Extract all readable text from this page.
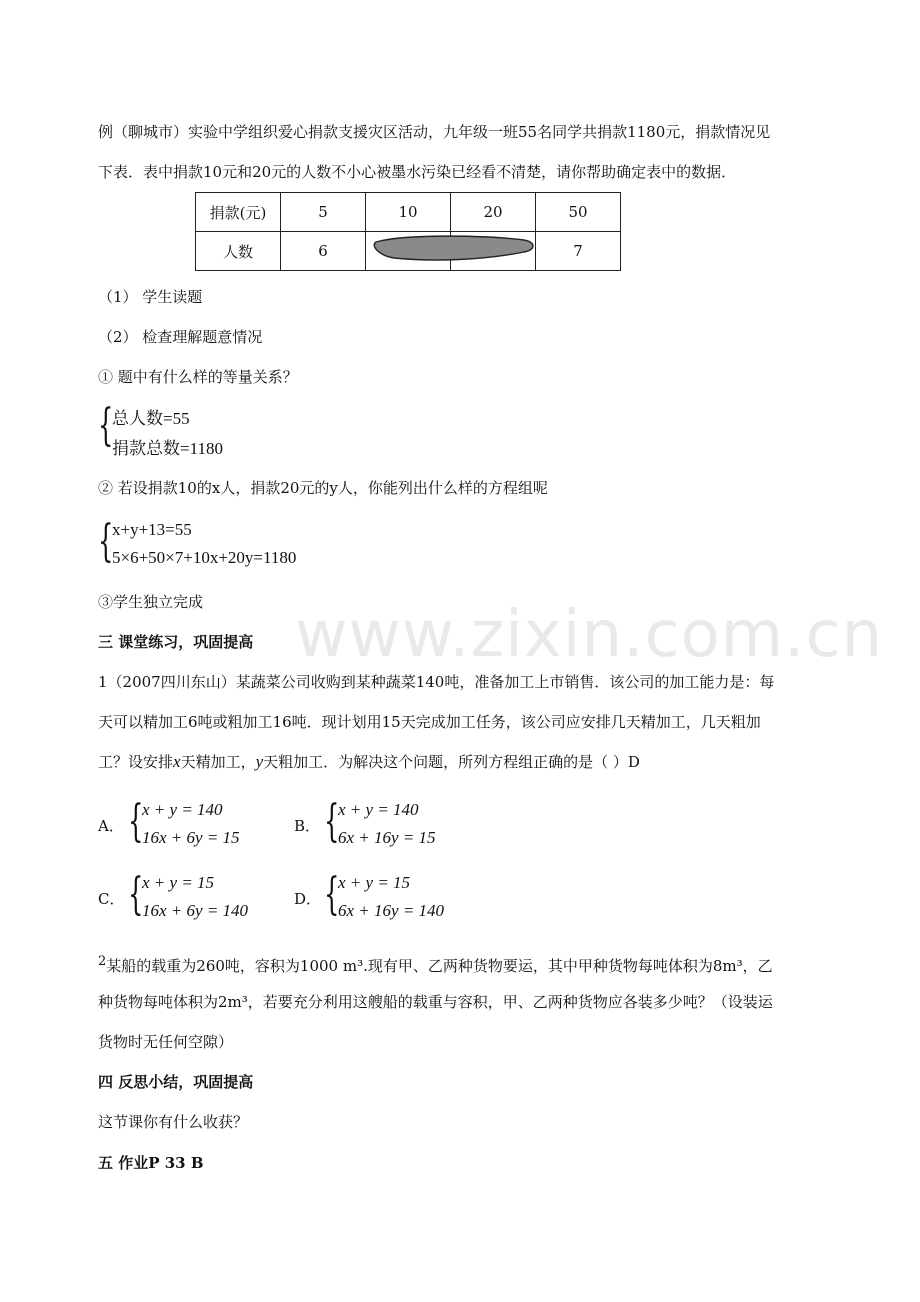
www.zixin.com.cn
例（聊城市）实验中学组织爱心捐款支援灾区活动，九年级一班55名同学共捐款1180元，捐款情况见
下表．表中捐款10元和20元的人数不小心被墨水污染已经看不清楚，请你帮助确定表中的数据．
捐款(元)	5	10	20	50
人数	6			7
（1） 学生读题
（2） 检查理解题意情况
① 题中有什么样的等量关系？
{
总人数=55
捐款总数=1180
② 若设捐款10的x人，捐款20元的y人，你能列出什么样的方程组呢
{
x+y+13=55
5×6+50×7+10x+20y=1180
③学生独立完成
三 课堂练习，巩固提高
1（2007四川东山）某蔬菜公司收购到某种蔬菜140吨，准备加工上市销售．该公司的加工能力是：每
天可以精加工6吨或粗加工16吨．现计划用15天完成加工任务，该公司应安排几天精加工，几天粗加
工？设安排x天精加工，y天粗加工．为解决这个问题，所列方程组正确的是（ ）D
A． {
x + y = 140
16x + 6y = 15
B． {
x + y = 140
6x + 16y = 15
C． {
x + y = 15
16x + 6y = 140
D． {
x + y = 15
6x + 16y = 140
2某船的载重为260吨，容积为1000 m³.现有甲、乙两种货物要运，其中甲种货物每吨体积为8m³，乙
种货物每吨体积为2m³，若要充分利用这艘船的载重与容积，甲、乙两种货物应各装多少吨？（设装运
货物时无任何空隙）
四 反思小结，巩固提高
这节课你有什么收获？
五 作业P 33 B
